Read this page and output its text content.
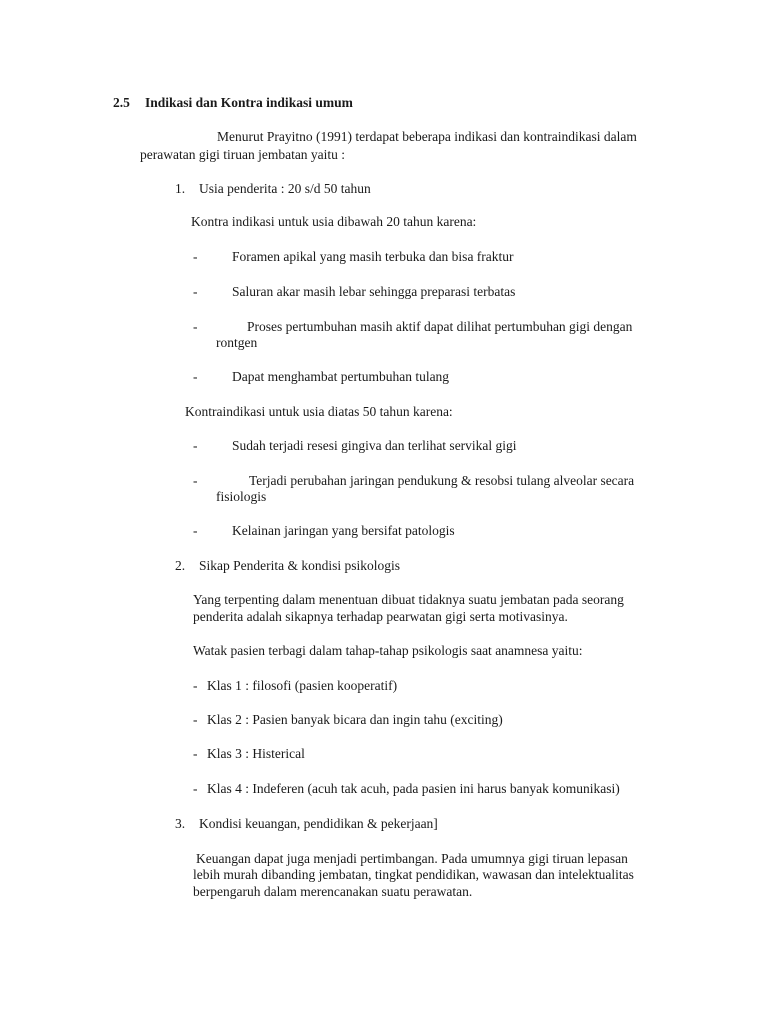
2.5 Indikasi dan Kontra indikasi umum
Menurut Prayitno (1991) terdapat beberapa indikasi dan kontraindikasi dalam
perawatan gigi tiruan jembatan yaitu :
1. Usia penderita : 20 s/d 50 tahun
Kontra indikasi untuk usia dibawah 20 tahun karena:
-	Foramen apikal yang masih terbuka dan bisa fraktur
-	Saluran akar masih lebar sehingga preparasi terbatas
-	Proses pertumbuhan masih aktif dapat dilihat pertumbuhan gigi dengan
rontgen
-	Dapat menghambat pertumbuhan tulang
Kontraindikasi untuk usia diatas 50 tahun karena:
-	Sudah terjadi resesi gingiva dan terlihat servikal gigi
-	Terjadi perubahan jaringan pendukung & resobsi tulang alveolar secara
fisiologis
-	Kelainan jaringan yang bersifat patologis
2. Sikap Penderita & kondisi psikologis
Yang terpenting dalam menentuan dibuat tidaknya suatu jembatan pada seorang
penderita adalah sikapnya terhadap pearwatan gigi serta motivasinya.
Watak pasien terbagi dalam tahap-tahap psikologis saat anamnesa yaitu:
- Klas 1 : filosofi (pasien kooperatif)
- Klas 2 : Pasien banyak bicara dan ingin tahu (exciting)
- Klas 3 : Histerical
- Klas 4 : Indeferen (acuh tak acuh, pada pasien ini harus banyak komunikasi)
3. Kondisi keuangan, pendidikan & pekerjaan]
Keuangan dapat juga menjadi pertimbangan. Pada umumnya gigi tiruan lepasan
lebih murah dibanding jembatan, tingkat pendidikan, wawasan dan intelektualitas
berpengaruh dalam merencanakan suatu perawatan.
